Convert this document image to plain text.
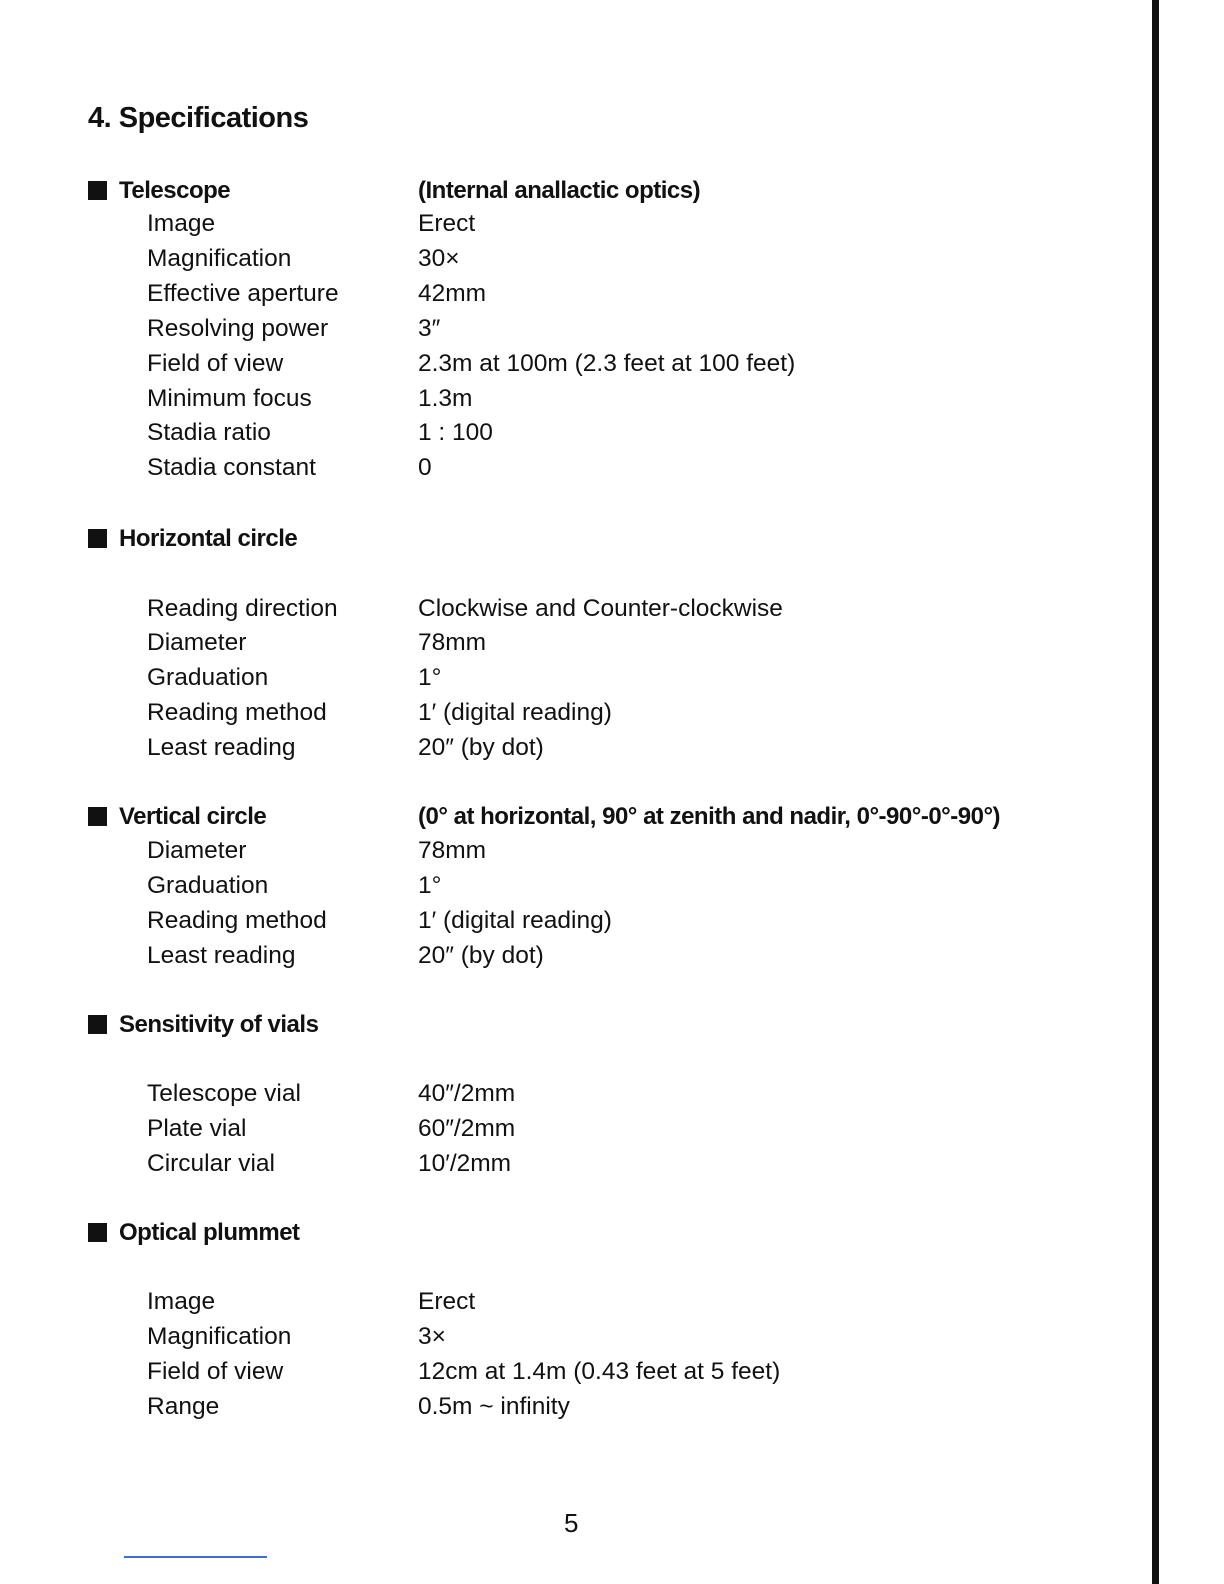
4. Specifications
Telescope	(Internal anallactic optics)
Image	Erect
Magnification	30×
Effective aperture	42mm
Resolving power	3″
Field of view	2.3m at 100m (2.3 feet at 100 feet)
Minimum focus	1.3m
Stadia ratio	1 : 100
Stadia constant	0
Horizontal circle
Reading direction	Clockwise and Counter-clockwise
Diameter	78mm
Graduation	1°
Reading method	1′ (digital reading)
Least reading	20″ (by dot)
Vertical circle	(0° at horizontal, 90° at zenith and nadir, 0°-90°-0°-90°)
Diameter	78mm
Graduation	1°
Reading method	1′ (digital reading)
Least reading	20″ (by dot)
Sensitivity of vials
Telescope vial	40″/2mm
Plate vial	60″/2mm
Circular vial	10′/2mm
Optical plummet
Image	Erect
Magnification	3×
Field of view	12cm at 1.4m (0.43 feet at 5 feet)
Range	0.5m ~ infinity
5
